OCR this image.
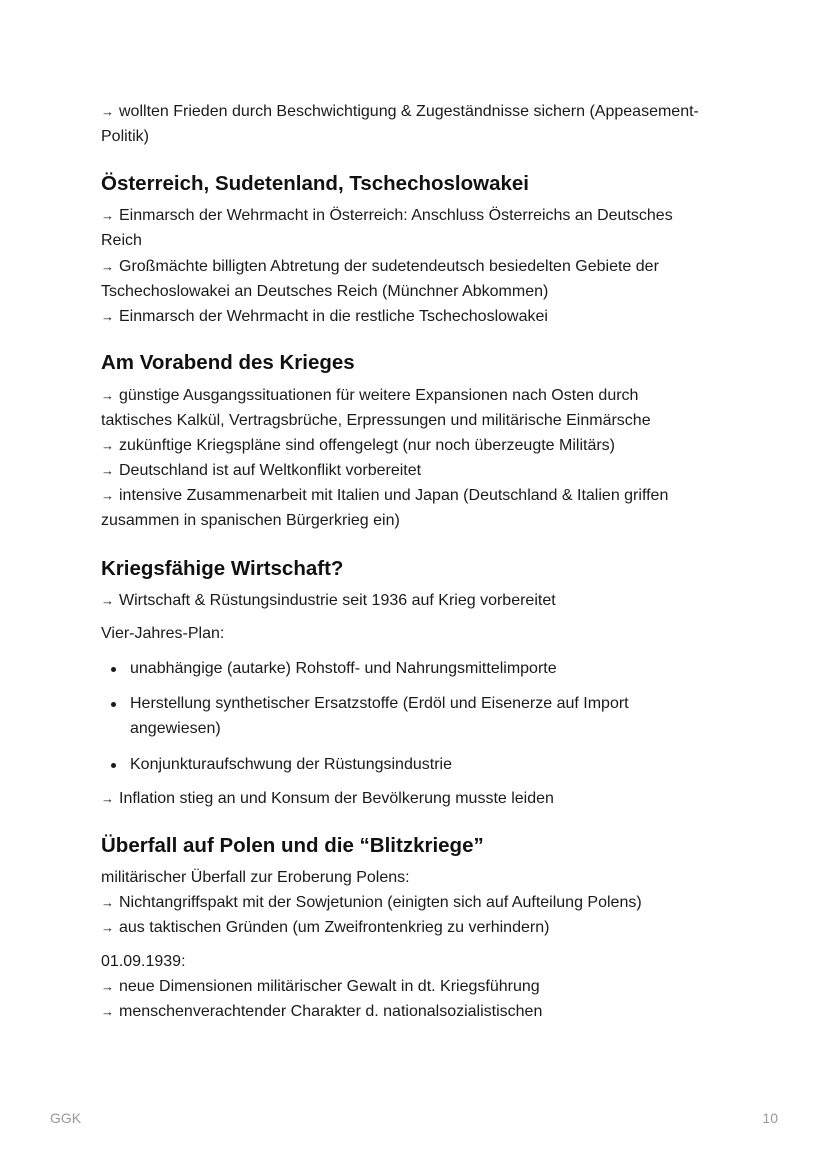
→ wollten Frieden durch Beschwichtigung & Zugeständnisse sichern (Appeasement-
Politik)
Österreich, Sudetenland, Tschechoslowakei
→ Einmarsch der Wehrmacht in Österreich: Anschluss Österreichs an Deutsches
Reich
→ Großmächte billigten Abtretung der sudetendeutsch besiedelten Gebiete der
Tschechoslowakei an Deutsches Reich (Münchner Abkommen)
→ Einmarsch der Wehrmacht in die restliche Tschechoslowakei
Am Vorabend des Krieges
→ günstige Ausgangssituationen für weitere Expansionen nach Osten durch
taktisches Kalkül, Vertragsbrüche, Erpressungen und militärische Einmärsche
→ zukünftige Kriegspläne sind offengelegt (nur noch überzeugte Militärs)
→ Deutschland ist auf Weltkonflikt vorbereitet
→ intensive Zusammenarbeit mit Italien und Japan (Deutschland & Italien griffen
zusammen in spanischen Bürgerkrieg ein)
Kriegsfähige Wirtschaft?
→ Wirtschaft & Rüstungsindustrie seit 1936 auf Krieg vorbereitet
Vier-Jahres-Plan:
unabhängige (autarke) Rohstoff- und Nahrungsmittelimporte
Herstellung synthetischer Ersatzstoffe (Erdöl und Eisenerze auf Import
angewiesen)
Konjunkturaufschwung der Rüstungsindustrie
→ Inflation stieg an und Konsum der Bevölkerung musste leiden
Überfall auf Polen und die “Blitzkriege”
militärischer Überfall zur Eroberung Polens:
→ Nichtangriffspakt mit der Sowjetunion (einigten sich auf Aufteilung Polens)
→ aus taktischen Gründen (um Zweifrontenkrieg zu verhindern)
01.09.1939:
→ neue Dimensionen militärischer Gewalt in dt. Kriegsführung
→ menschenverachtender Charakter d. nationalsozialistischen
GGK	10
